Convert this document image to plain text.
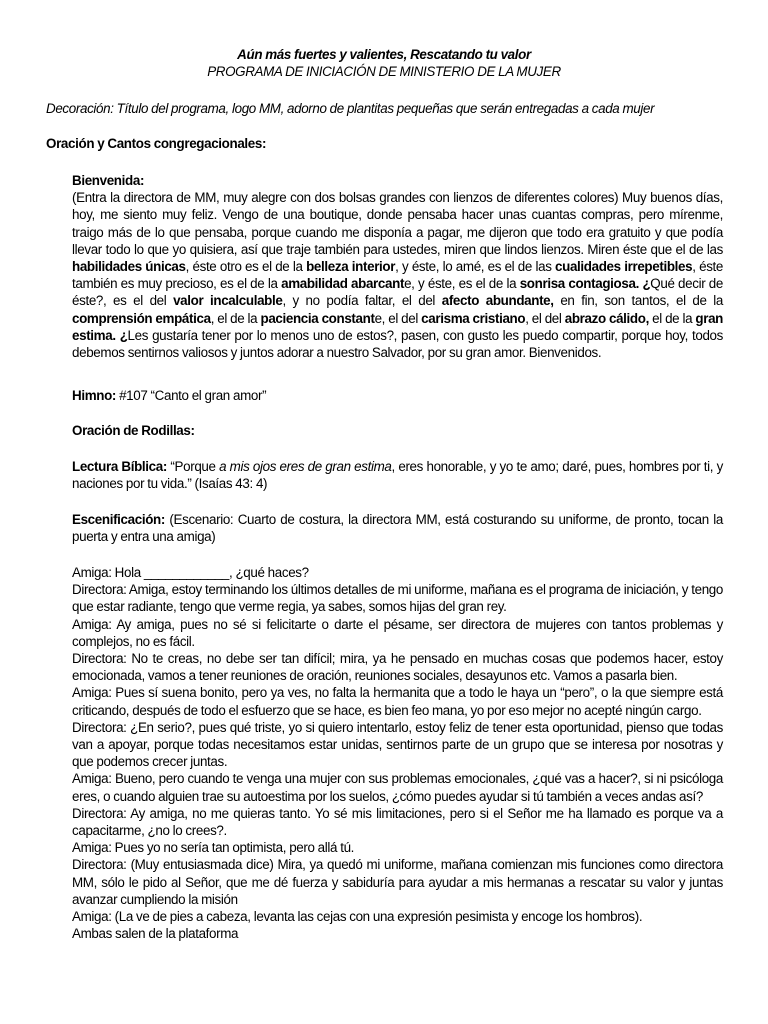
Aún más fuertes y valientes, Rescatando tu valor
PROGRAMA DE INICIACIÓN DE MINISTERIO DE LA MUJER
Decoración: Título del programa, logo MM, adorno de plantitas pequeñas que serán entregadas a cada mujer
Oración y Cantos congregacionales:
Bienvenida:
(Entra la directora de MM, muy alegre con dos bolsas grandes con lienzos de diferentes colores) Muy buenos días, hoy, me siento muy feliz. Vengo de una boutique, donde pensaba hacer unas cuantas compras, pero mírenme, traigo más de lo que pensaba, porque cuando me disponía a pagar, me dijeron que todo era gratuito y que podía llevar todo lo que yo quisiera, así que traje también para ustedes, miren que lindos lienzos. Miren éste que el de las habilidades únicas, éste otro es el de la belleza interior, y éste, lo amé, es el de las cualidades irrepetibles, éste también es muy precioso, es el de la amabilidad abarcante, y éste, es el de la sonrisa contagiosa. ¿Qué decir de éste?, es el del valor incalculable, y no podía faltar, el del afecto abundante, en fin, son tantos, el de la comprensión empática, el de la paciencia constante, el del carisma cristiano, el del abrazo cálido, el de la gran estima. ¿Les gustaría tener por lo menos uno de estos?, pasen, con gusto les puedo compartir, porque hoy, todos debemos sentirnos valiosos y juntos adorar a nuestro Salvador, por su gran amor. Bienvenidos.
Himno: #107 “Canto el gran amor”
Oración de Rodillas:
Lectura Bíblica: “Porque a mis ojos eres de gran estima, eres honorable, y yo te amo; daré, pues, hombres por ti, y naciones por tu vida.” (Isaías 43: 4)
Escenificación: (Escenario: Cuarto de costura, la directora MM, está costurando su uniforme, de pronto, tocan la puerta y entra una amiga)
Amiga: Hola ____________, ¿qué haces?
Directora: Amiga, estoy terminando los últimos detalles de mi uniforme, mañana es el programa de iniciación, y tengo que estar radiante, tengo que verme regia, ya sabes, somos hijas del gran rey.
Amiga: Ay amiga, pues no sé si felicitarte o darte el pésame, ser directora de mujeres con tantos problemas y complejos, no es fácil.
Directora: No te creas, no debe ser tan difícil; mira, ya he pensado en muchas cosas que podemos hacer, estoy emocionada, vamos a tener reuniones de oración, reuniones sociales, desayunos etc. Vamos a pasarla bien.
Amiga: Pues sí suena bonito, pero ya ves, no falta la hermanita que a todo le haya un “pero”, o la que siempre está criticando, después de todo el esfuerzo que se hace, es bien feo mana, yo por eso mejor no acepté ningún cargo.
Directora: ¿En serio?, pues qué triste, yo si quiero intentarlo, estoy feliz de tener esta oportunidad, pienso que todas van a apoyar, porque todas necesitamos estar unidas, sentirnos parte de un grupo que se interesa por nosotras y que podemos crecer juntas.
Amiga: Bueno, pero cuando te venga una mujer con sus problemas emocionales, ¿qué vas a hacer?, si ni psicóloga eres, o cuando alguien trae su autoestima por los suelos, ¿cómo puedes ayudar si tú también a veces andas así?
Directora: Ay amiga, no me quieras tanto. Yo sé mis limitaciones, pero si el Señor me ha llamado es porque va a capacitarme, ¿no lo crees?.
Amiga: Pues yo no sería tan optimista, pero allá tú.
Directora: (Muy entusiasmada dice) Mira, ya quedó mi uniforme, mañana comienzan mis funciones como directora MM, sólo le pido al Señor, que me dé fuerza y sabiduría para ayudar a mis hermanas a rescatar su valor y juntas avanzar cumpliendo la misión
Amiga: (La ve de pies a cabeza, levanta las cejas con una expresión pesimista y encoge los hombros).
Ambas salen de la plataforma
